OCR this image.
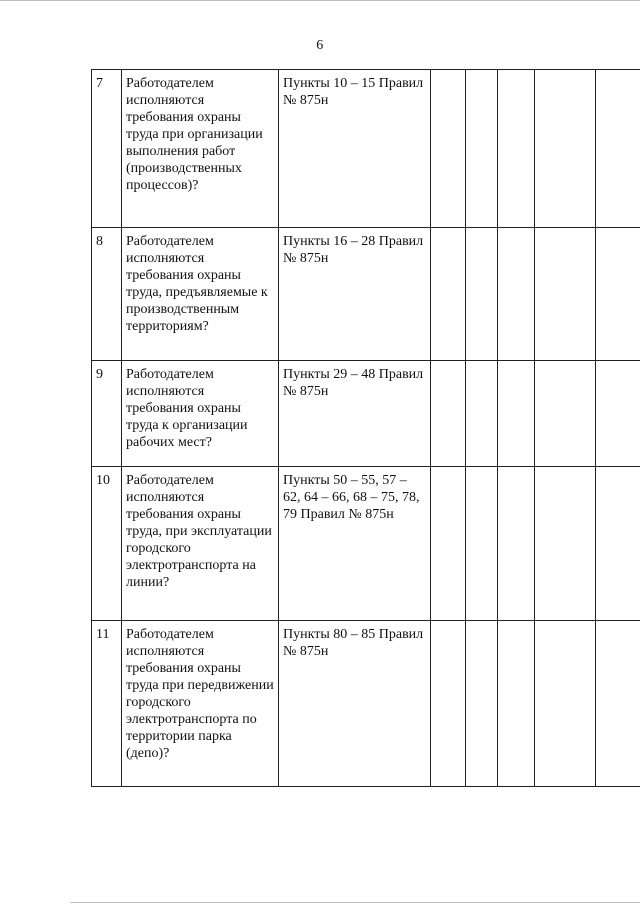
6
7	Работодателем исполняются требования охраны труда при организации выполнения работ (производственных процессов)?	Пункты 10 – 15 Правил № 875н					
8	Работодателем исполняются требования охраны труда, предъявляемые к производственным территориям?	Пункты 16 – 28 Правил № 875н					
9	Работодателем исполняются требования охраны труда к организации рабочих мест?	Пункты 29 – 48 Правил № 875н					
10	Работодателем исполняются требования охраны труда, при эксплуатации городского электротранспорта на линии?	Пункты 50 – 55, 57 – 62, 64 – 66, 68 – 75, 78, 79 Правил № 875н					
11	Работодателем исполняются требования охраны труда при передвижении городского электротранспорта по территории парка (депо)?	Пункты 80 – 85 Правил № 875н					
